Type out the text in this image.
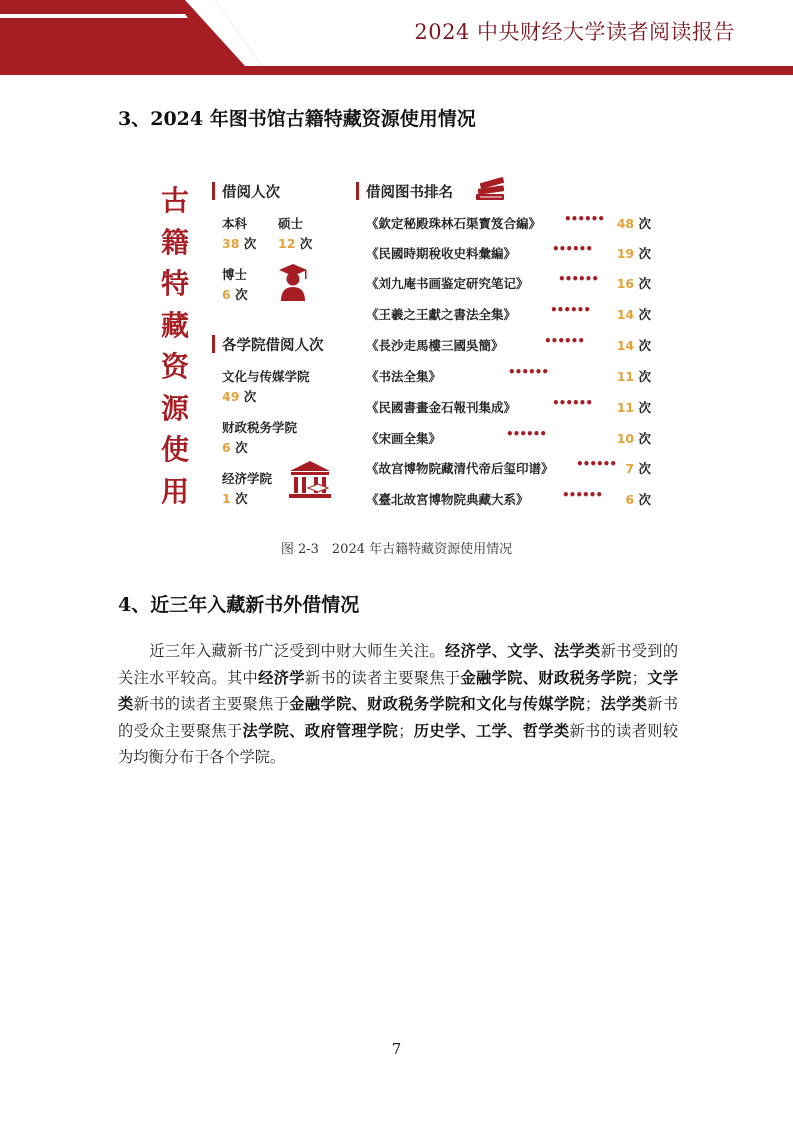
2024 中央财经大学读者阅读报告
3、2024 年图书馆古籍特藏资源使用情况
古
籍
特
藏
资
源
使
用
借阅人次
本科
38 次
硕士
12 次
博士
6 次
各学院借阅人次
文化与传媒学院
49 次
财政税务学院
6 次
经济学院
1 次
借阅图书排名
《欽定秘殿珠林石渠寳笈合編》 •••••• 48 次
《民國時期稅收史料彙編》	•••••• 19 次
《刘九庵书画鉴定研究笔记》 •••••• 16 次
《王羲之王獻之書法全集》	•••••• 14 次
《長沙走馬樓三國吳簡》	••••••	14 次
《书法全集》	••••••	11 次
《民國書畫金石報刊集成》	•••••• 11 次
《宋画全集》	••••••	10 次
《故宫博物院藏清代帝后玺印谱》 •••••• 7 次
《臺北故宮博物院典藏大系》	•••••• 6 次
图 2-3　2024 年古籍特藏资源使用情况
4、近三年入藏新书外借情况
近三年入藏新书广泛受到中财大师生关注。经济学、文学、法学类新书受到的关注水平较高。其中经济学新书的读者主要聚焦于金融学院、财政税务学院；文学类新书的读者主要聚焦于金融学院、财政税务学院和文化与传媒学院；法学类新书的受众主要聚焦于法学院、政府管理学院；历史学、工学、哲学类新书的读者则较为均衡分布于各个学院。
7
